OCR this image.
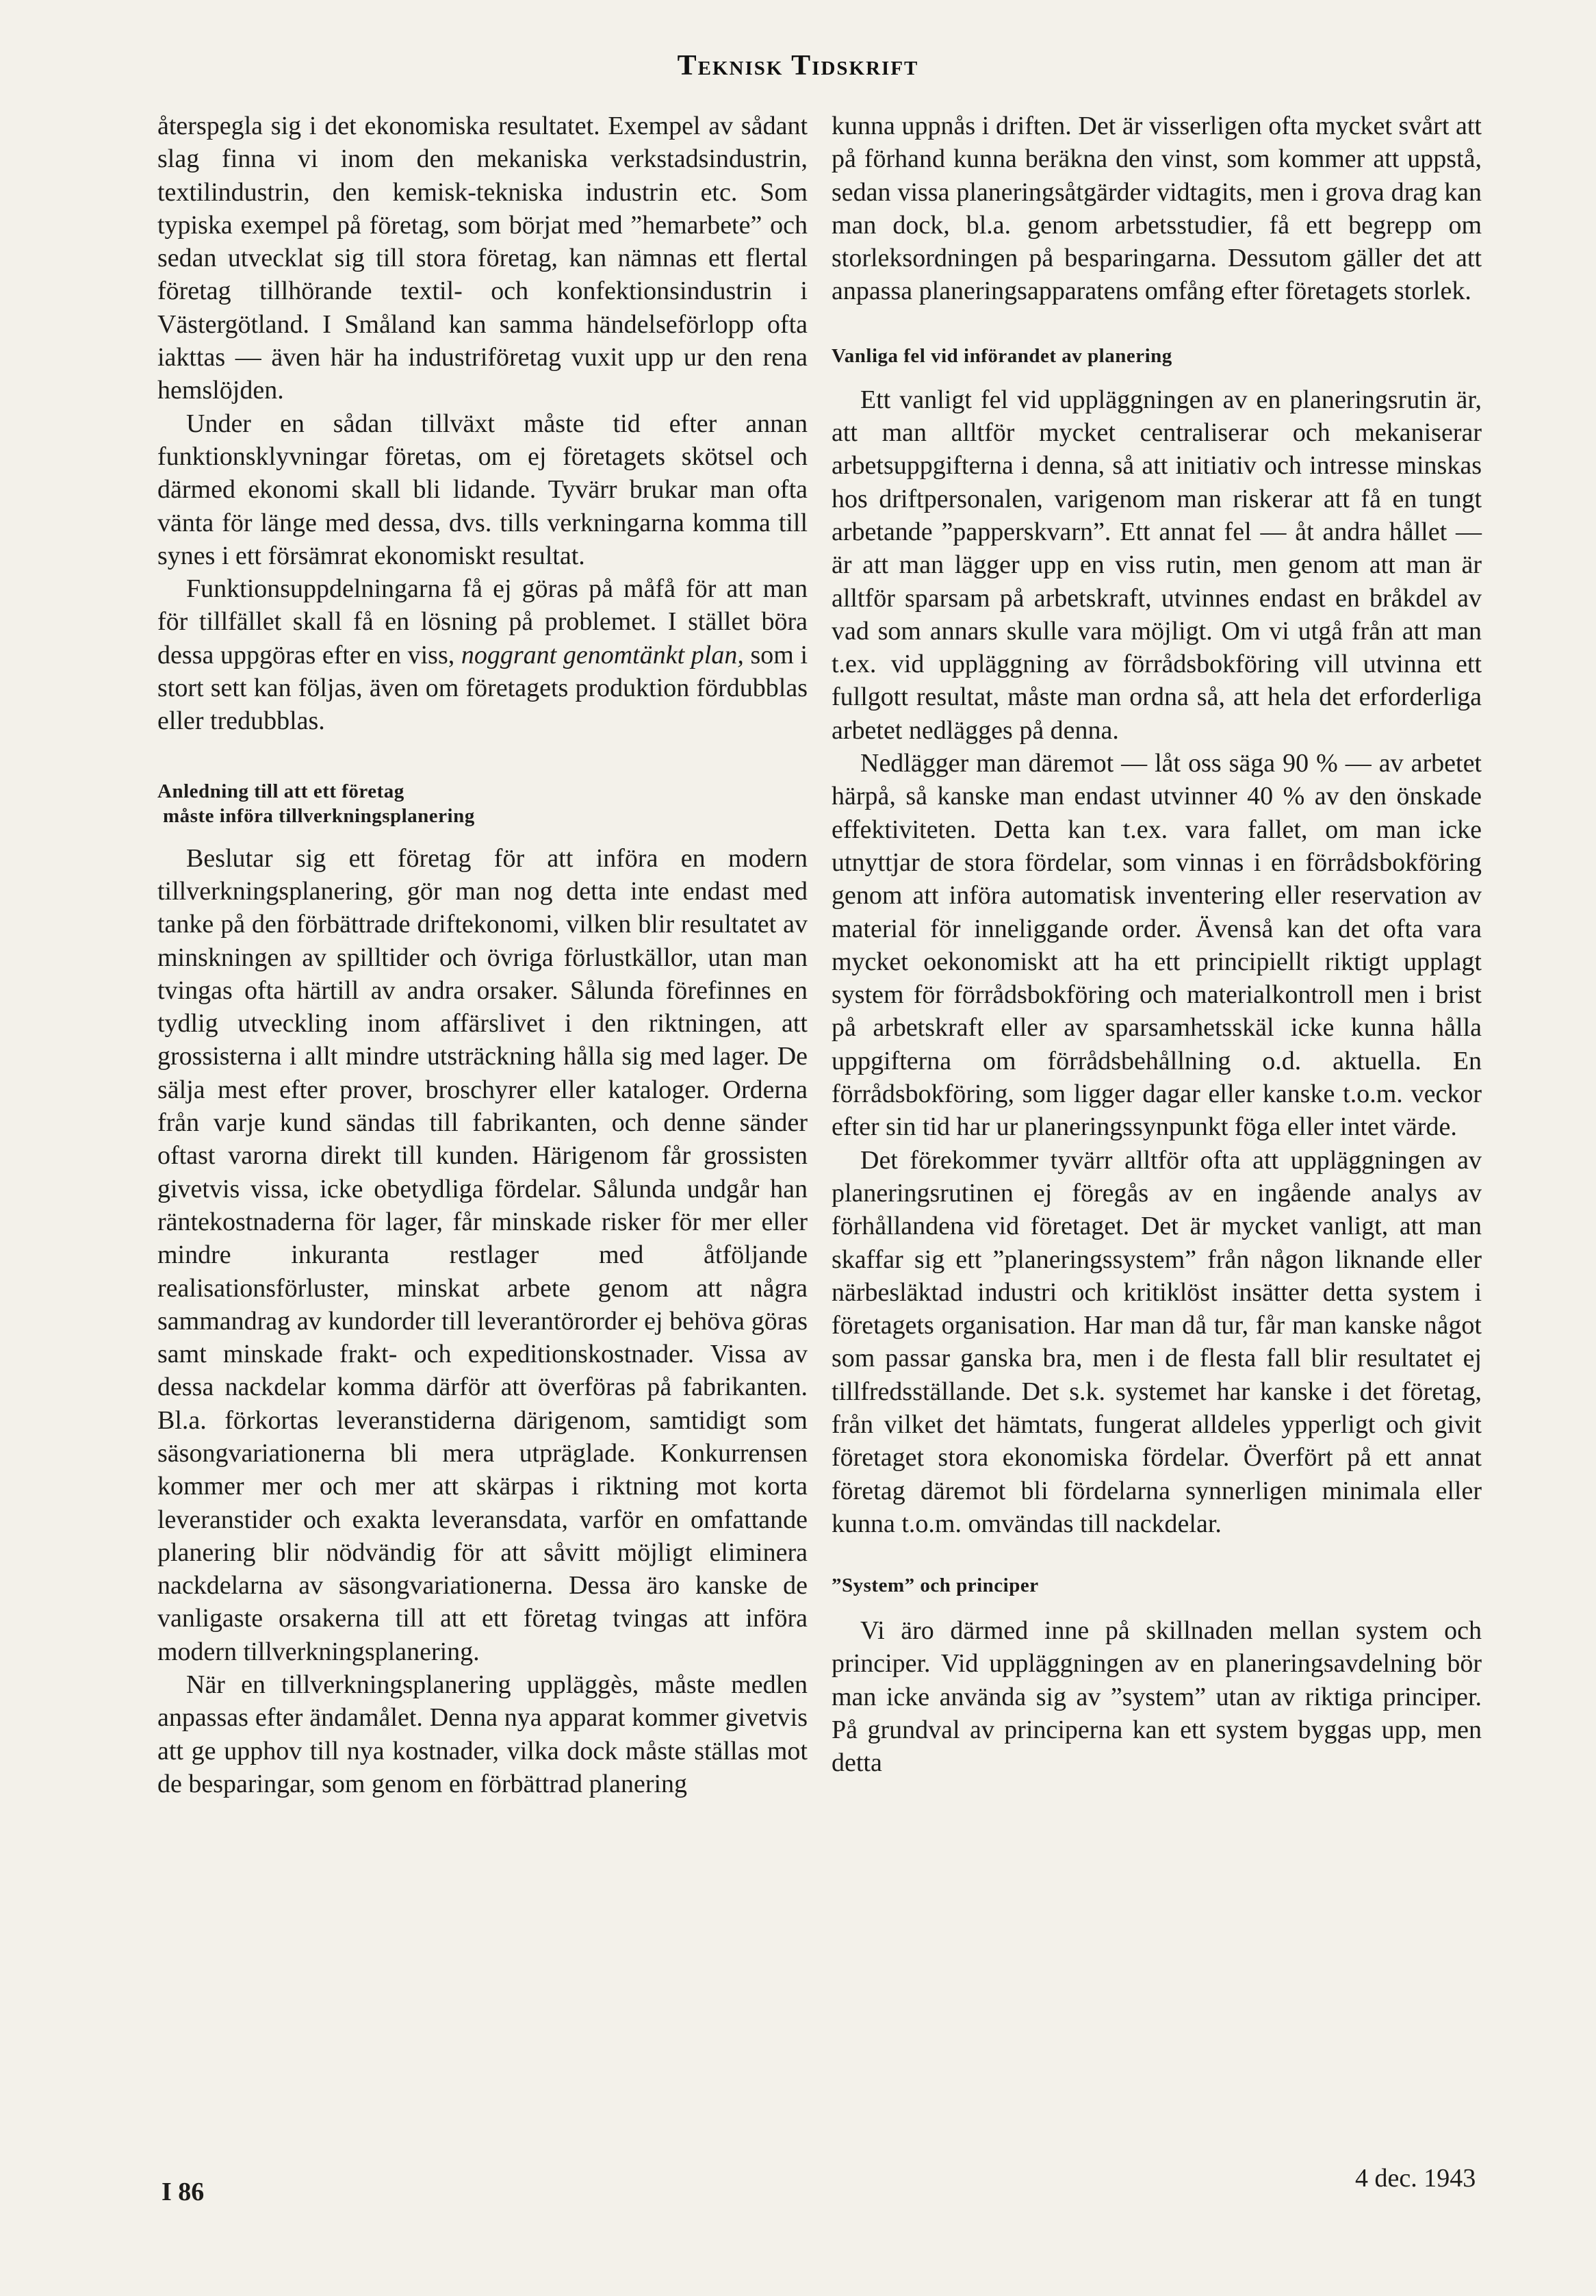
Teknisk Tidskrift

återspegla sig i det ekonomiska resultatet. Exempel av sådant slag finna vi inom den mekaniska verkstadsindustrin, textilindustrin, den kemisk-tekniska industrin etc. Som typiska exempel på företag, som börjat med ”hemarbete” och sedan utvecklat sig till stora företag, kan nämnas ett flertal företag tillhörande textil- och konfektionsindustrin i Västergötland. I Småland kan samma händelseförlopp ofta iakttas — även här ha industriföretag vuxit upp ur den rena hemslöjden.

Under en sådan tillväxt måste tid efter annan funktionsklyvningar företas, om ej företagets skötsel och därmed ekonomi skall bli lidande. Tyvärr brukar man ofta vänta för länge med dessa, dvs. tills verkningarna komma till synes i ett försämrat ekonomiskt resultat.

Funktionsuppdelningarna få ej göras på måfå för att man för tillfället skall få en lösning på problemet. I stället böra dessa uppgöras efter en viss, noggrant genomtänkt plan, som i stort sett kan följas, även om företagets produktion fördubblas eller tredubblas.

Anledning till att ett företag
måste införa tillverkningsplanering

Beslutar sig ett företag för att införa en modern tillverkningsplanering, gör man nog detta inte endast med tanke på den förbättrade driftekonomi, vilken blir resultatet av minskningen av spilltider och övriga förlustkällor, utan man tvingas ofta härtill av andra orsaker. Sålunda förefinnes en tydlig utveckling inom affärslivet i den riktningen, att grossisterna i allt mindre utsträckning hålla sig med lager. De sälja mest efter prover, broschyrer eller kataloger. Orderna från varje kund sändas till fabrikanten, och denne sänder oftast varorna direkt till kunden. Härigenom får grossisten givetvis vissa, icke obetydliga fördelar. Sålunda undgår han räntekostnaderna för lager, får minskade risker för mer eller mindre inkuranta restlager med åtföljande realisationsförluster, minskat arbete genom att några sammandrag av kundorder till leverantörorder ej behöva göras samt minskade frakt- och expeditionskostnader. Vissa av dessa nackdelar komma därför att överföras på fabrikanten. Bl.a. förkortas leveranstiderna därigenom, samtidigt som säsongvariationerna bli mera utpräglade. Konkurrensen kommer mer och mer att skärpas i riktning mot korta leveranstider och exakta leveransdata, varför en omfattande planering blir nödvändig för att såvitt möjligt eliminera nackdelarna av säsongvariationerna. Dessa äro kanske de vanligaste orsakerna till att ett företag tvingas att införa modern tillverkningsplanering.

När en tillverkningsplanering uppläggès, måste medlen anpassas efter ändamålet. Denna nya apparat kommer givetvis att ge upphov till nya kostnader, vilka dock måste ställas mot de besparingar, som genom en förbättrad planering

kunna uppnås i driften. Det är visserligen ofta mycket svårt att på förhand kunna beräkna den vinst, som kommer att uppstå, sedan vissa planeringsåtgärder vidtagits, men i grova drag kan man dock, bl.a. genom arbetsstudier, få ett begrepp om storleksordningen på besparingarna. Dessutom gäller det att anpassa planeringsapparatens omfång efter företagets storlek.

Vanliga fel vid införandet av planering

Ett vanligt fel vid uppläggningen av en planeringsrutin är, att man alltför mycket centraliserar och mekaniserar arbetsuppgifterna i denna, så att initiativ och intresse minskas hos driftpersonalen, varigenom man riskerar att få en tungt arbetande ”papperskvarn”. Ett annat fel — åt andra hållet — är att man lägger upp en viss rutin, men genom att man är alltför sparsam på arbetskraft, utvinnes endast en bråkdel av vad som annars skulle vara möjligt. Om vi utgå från att man t.ex. vid uppläggning av förrådsbokföring vill utvinna ett fullgott resultat, måste man ordna så, att hela det erforderliga arbetet nedlägges på denna.

Nedlägger man däremot — låt oss säga 90 % — av arbetet härpå, så kanske man endast utvinner 40 % av den önskade effektiviteten. Detta kan t.ex. vara fallet, om man icke utnyttjar de stora fördelar, som vinnas i en förrådsbokföring genom att införa automatisk inventering eller reservation av material för inneliggande order. Ävenså kan det ofta vara mycket oekonomiskt att ha ett principiellt riktigt upplagt system för förrådsbokföring och materialkontroll men i brist på arbetskraft eller av sparsamhetsskäl icke kunna hålla uppgifterna om förrådsbehållning o.d. aktuella. En förrådsbokföring, som ligger dagar eller kanske t.o.m. veckor efter sin tid har ur planeringssynpunkt föga eller intet värde.

Det förekommer tyvärr alltför ofta att uppläggningen av planeringsrutinen ej föregås av en ingående analys av förhållandena vid företaget. Det är mycket vanligt, att man skaffar sig ett ”planeringssystem” från någon liknande eller närbesläktad industri och kritiklöst insätter detta system i företagets organisation. Har man då tur, får man kanske något som passar ganska bra, men i de flesta fall blir resultatet ej tillfredsställande. Det s.k. systemet har kanske i det företag, från vilket det hämtats, fungerat alldeles ypperligt och givit företaget stora ekonomiska fördelar. Överfört på ett annat företag däremot bli fördelarna synnerligen minimala eller kunna t.o.m. omvändas till nackdelar.

”System” och principer

Vi äro därmed inne på skillnaden mellan system och principer. Vid uppläggningen av en planeringsavdelning bör man icke använda sig av ”system” utan av riktiga principer. På grundval av principerna kan ett system byggas upp, men detta

I 86	4 dec. 1943
